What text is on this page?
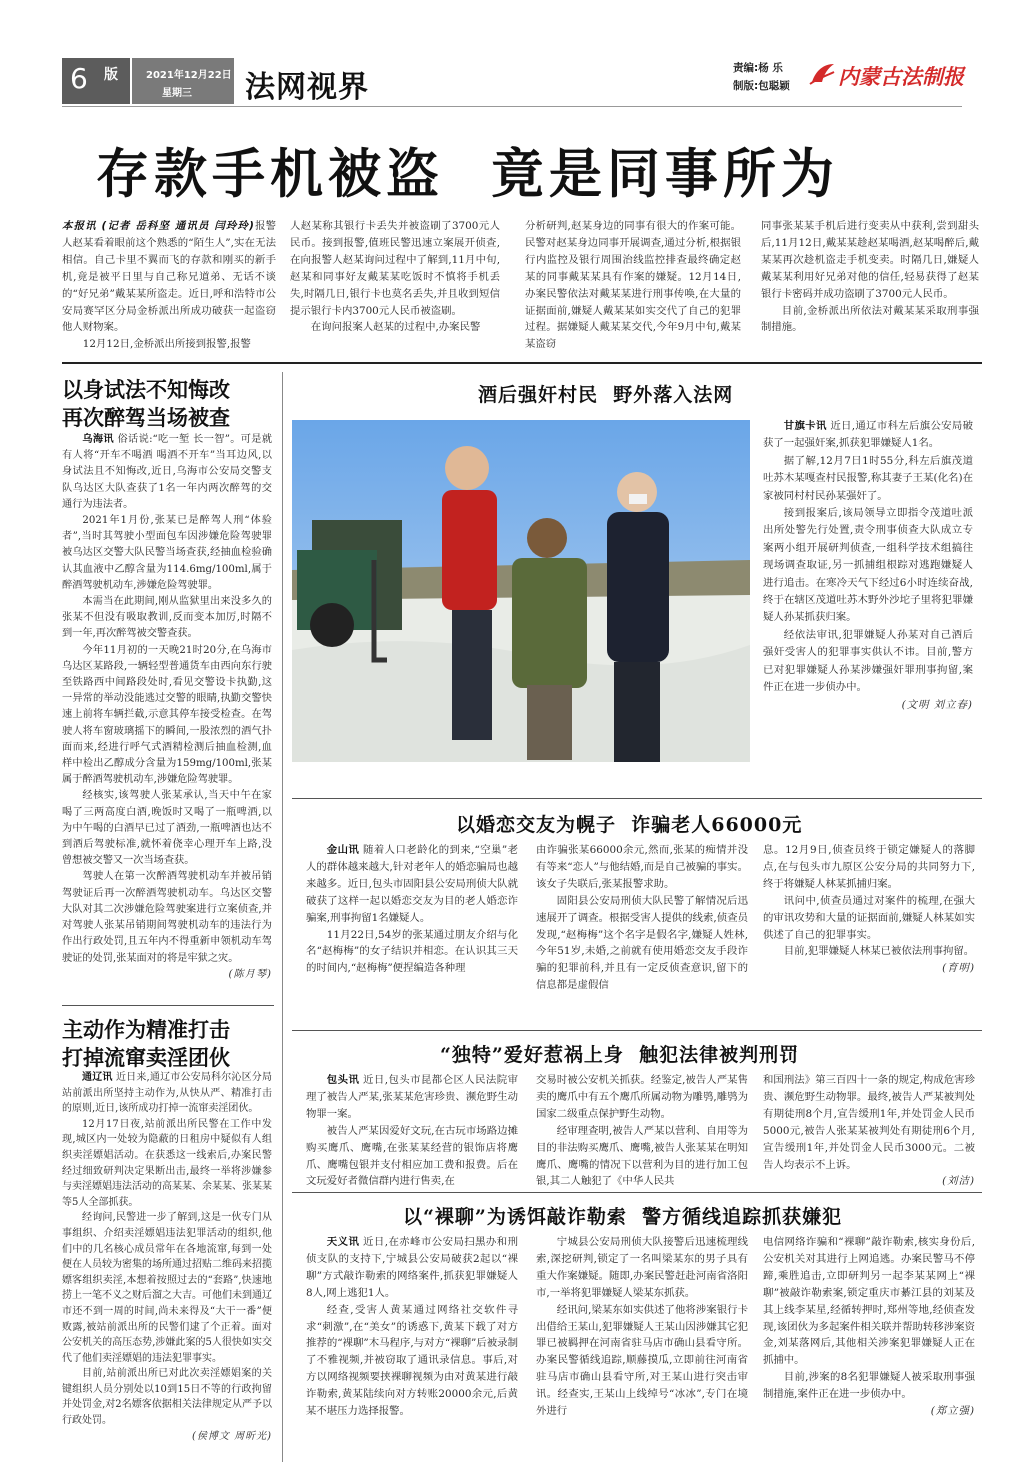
6 版	2021年12月22日
星期三 法网视界
责编:杨 乐
制版:包聪颖 内蒙古法制报
存款手机被盗  竟是同事所为

本报讯 (记者 岳科坚 通讯员 闫玲玲)报警人赵某看着眼前这个熟悉的“陌生人”,实在无法相信。自己卡里不翼而飞的存款和刚买的新手机,竟是被平日里与自己称兄道弟、无话不谈的“好兄弟”戴某某所盗走。近日,呼和浩特市公安局赛罕区分局金桥派出所成功破获一起盗窃他人财物案。

12月12日,金桥派出所接到报警,报警

人赵某称其银行卡丢失并被盗刷了3700元人民币。接到报警,值班民警迅速立案展开侦查,在向报警人赵某询问过程中了解到,11月中旬,赵某和同事好友戴某某吃饭时不慎将手机丢失,时隔几日,银行卡也莫名丢失,并且收到短信提示银行卡内3700元人民币被盗刷。

在询问报案人赵某的过程中,办案民警

分析研判,赵某身边的同事有很大的作案可能。民警对赵某身边同事开展调查,通过分析,根据银行内监控及银行周围治线监控排查最终确定赵某的同事戴某某具有作案的嫌疑。12月14日,办案民警依法对戴某某进行刑事传唤,在大量的证据面前,嫌疑人戴某某如实交代了自己的犯罪过程。据嫌疑人戴某某交代,今年9月中旬,戴某某盗窃

同事张某某手机后进行变卖从中获利,尝到甜头后,11月12日,戴某某趁赵某喝酒,赵某喝醉后,戴某某再次趁机盗走手机变卖。时隔几日,嫌疑人戴某某利用好兄弟对他的信任,轻易获得了赵某银行卡密码并成功盗刷了3700元人民币。

目前,金桥派出所依法对戴某某采取刑事强制措施。

以身试法不知悔改
再次醉驾当场被查

乌海讯 俗话说:“吃一堑 长一智”。可是就有人将“开车不喝酒 喝酒不开车”当耳边风,以身试法且不知悔改,近日,乌海市公安局交警支队乌达区大队查获了1名一年内两次醉驾的交通行为违法者。

2021年1月份,张某已是醉驾人刑“体验者”,当时其驾驶小型面包车因涉嫌危险驾驶罪被乌达区交警大队民警当场查获,经抽血检验确认其血液中乙醇含量为114.6mg/100ml,属于醉酒驾驶机动车,涉嫌危险驾驶罪。

本需当在此期间,刚从监狱里出来没多久的张某不但没有吸取教训,反而变本加厉,时隔不到一年,再次醉驾被交警查获。

今年11月初的一天晚21时20分,在乌海市乌达区某路段,一辆轻型普通货车由西向东行驶至铁路西中间路段处时,看见交警设卡执勤,这一异常的举动没能逃过交警的眼睛,执勤交警快速上前将车辆拦截,示意其停车接受检查。在驾驶人将车窗玻璃摇下的瞬间,一股浓烈的酒气扑面而来,经进行呼气式酒精检测后抽血检测,血样中检出乙醇成分含量为159mg/100ml,张某属于醉酒驾驶机动车,涉嫌危险驾驶罪。

经核实,该驾驶人张某承认,当天中午在家喝了三两高度白酒,晚饭时又喝了一瓶啤酒,以为中午喝的白酒早已过了酒劲,一瓶啤酒也达不到酒后驾驶标准,就怀着侥幸心理开车上路,没曾想被交警又一次当场查获。

驾驶人在第一次醉酒驾驶机动车并被吊销驾驶证后再一次醉酒驾驶机动车。乌达区交警大队对其二次涉嫌危险驾驶案进行立案侦查,并对驾驶人张某吊销期间驾驶机动车的违法行为作出行政处罚,且五年内不得重新申领机动车驾驶证的处罚,张某面对的将是牢狱之灾。

(陈月琴)

主动作为精准打击
打掉流窜卖淫团伙

通辽讯 近日来,通辽市公安局科尔沁区分局站前派出所坚持主动作为,从快从严、精准打击的原则,近日,该所成功打掉一流窜卖淫团伙。

12月17日夜,站前派出所民警在工作中发现,城区内一处较为隐蔽的日租房中疑似有人组织卖淫嫖娼活动。在获悉这一线索后,办案民警经过细致研判决定果断出击,最终一举将涉嫌参与卖淫嫖娼违法活动的高某某、余某某、张某某等5人全部抓获。

经询问,民警进一步了解到,这是一伙专门从事组织、介绍卖淫嫖娼违法犯罪活动的组织,他们中的几名核心成员常年在各地流窜,每到一处便在人员较为密集的场所通过招贴二维码来招揽嫖客组织卖淫,本想着按照过去的“套路”,快速地捞上一笔不义之财后溜之大吉。可他们未到通辽市还不到一周的时间,尚未来得及“大干一番”便败露,被站前派出所的民警们逮了个正着。面对公安机关的高压态势,涉嫌此案的5人很快如实交代了他们卖淫嫖娼的违法犯罪事实。

目前,站前派出所已对此次卖淫嫖娼案的关键组织人员分别处以10到15日不等的行政拘留并处罚金,对2名嫖客依据相关法律规定从严予以行政处罚。

(侯博文 周昕光)

酒后强奸村民  野外落入法网

甘旗卡讯 近日,通辽市科左后旗公安局破获了一起强奸案,抓获犯罪嫌疑人1名。

据了解,12月7日1时55分,科左后旗茂道吐苏木某嘎查村民报警,称其妻子王某(化名)在家被同村村民孙某强奸了。

接到报案后,该局领导立即指令茂道吐派出所处警先行处置,责令刑事侦查大队成立专案两小组开展研判侦查,一组科学技术组搞往现场调查取证,另一抓捕组根踪对逃跑嫌疑人进行追击。在寒冷天气下经过6小时连续奋战,终于在辖区茂道吐苏木野外沙坨子里将犯罪嫌疑人孙某抓获归案。

经依法审讯,犯罪嫌疑人孙某对自己酒后强奸受害人的犯罪事实供认不讳。目前,警方已对犯罪嫌疑人孙某涉嫌强奸罪刑事拘留,案件正在进一步侦办中。

(文明 刘立春)

以婚恋交友为幌子  诈骗老人66000元

金山讯 随着人口老龄化的到来,“空巢”老人的群体越来越大,针对老年人的婚恋骗局也越来越多。近日,包头市固阳县公安局刑侦大队就破获了这样一起以婚恋交友为目的老人婚恋诈骗案,刑事拘留1名嫌疑人。

11月22日,54岁的张某通过朋友介绍与化名“赵梅梅”的女子结识并相恋。在认识其三天的时间内,“赵梅梅”便捏编造各种理

由诈骗张某66000余元,然而,张某的痴情并没有等来“恋人”与他结婚,而是自己被骗的事实。该女子失联后,张某报警求助。

固阳县公安局刑侦大队民警了解情况后迅速展开了调查。根据受害人提供的线索,侦查员发现,“赵梅梅”这个名字是假名字,嫌疑人姓林,今年51岁,未婚,之前就有使用婚恋交友手段诈骗的犯罪前科,并且有一定反侦查意识,留下的信息都是虚假信

息。12月9日,侦查员终于锁定嫌疑人的落脚点,在与包头市九原区公安分局的共同努力下,终于将嫌疑人林某抓捕归案。

讯问中,侦查员通过对案件的梳理,在强大的审讯攻势和大量的证据面前,嫌疑人林某如实供述了自己的犯罪事实。

目前,犯罪嫌疑人林某已被依法刑事拘留。

(育明)

“独特”爱好惹祸上身  触犯法律被判刑罚

包头讯 近日,包头市昆都仑区人民法院审理了被告人严某,张某某危害珍贵、濒危野生动物罪一案。

被告人严某因爱好文玩,在古玩市场路边摊购买鹰爪、鹰嘴,在张某某经营的银饰店将鹰爪、鹰嘴包银并支付相应加工费和报费。后在文玩爱好者微信群内进行售卖,在

交易时被公安机关抓获。经鉴定,被告人严某售卖的鹰爪中有五个鹰爪所属动物为雕鸮,雕鸮为国家二级重点保护野生动物。

经审理查明,被告人严某以营利、自用等为目的非法购买鹰爪、鹰嘴,被告人张某某在明知鹰爪、鹰嘴的情况下以营利为目的进行加工包银,其二人触犯了《中华人民共

和国刑法》第三百四十一条的规定,构成危害珍贵、濒危野生动物罪。最终,被告人严某被判处有期徒刑8个月,宣告缓刑1年,并处罚金人民币5000元,被告人张某某被判处有期徒刑6个月,宣告缓刑1年,并处罚金人民币3000元。二被告人均表示不上诉。

(刘洁)

以“裸聊”为诱饵敲诈勒索  警方循线追踪抓获嫌犯

天义讯 近日,在赤峰市公安局扫黑办和刑侦支队的支持下,宁城县公安局破获2起以“裸聊”方式敲诈勒索的网络案件,抓获犯罪嫌疑人8人,网上逃犯1人。

经查,受害人黄某通过网络社交软件寻求“刺激”,在“美女”的诱惑下,黄某下载了对方推荐的“裸聊”木马程序,与对方“裸聊”后被录制了不雅视频,并被窃取了通讯录信息。事后,对方以网络视频要挟裸聊视频为由对黄某进行敲诈勒索,黄某陆续向对方转账20000余元,后黄某不堪压力选择报警。

宁城县公安局刑侦大队接警后迅速梳理线索,深挖研判,锁定了一名叫梁某东的男子具有重大作案嫌疑。随即,办案民警赶赴河南省洛阳市,一举将犯罪嫌疑人梁某东抓获。

经讯问,梁某东如实供述了他将涉案银行卡出借给王某山,犯罪嫌疑人王某山因涉嫌其它犯罪已被羁押在河南省驻马店市确山县看守所。办案民警循线追踪,顺藤摸瓜,立即前往河南省驻马店市确山县看守所,对王某山进行突击审讯。经查实,王某山上线绰号“冰冰”,专门在境外进行

电信网络诈骗和“裸聊”敲诈勒索,核实身份后,公安机关对其进行上网追逃。办案民警马不停蹄,乘胜追击,立即研判另一起李某某网上“裸聊”被敲诈勒索案,锁定重庆市綦江县的刘某及其上线李某星,经循转押时,郑州等地,经侦查发现,该团伙为多起案件相关联并帮助转移涉案资金,刘某落网后,其他相关涉案犯罪嫌疑人正在抓捕中。

目前,涉案的8名犯罪嫌疑人被采取刑事强制措施,案件正在进一步侦办中。

(郑立强)
